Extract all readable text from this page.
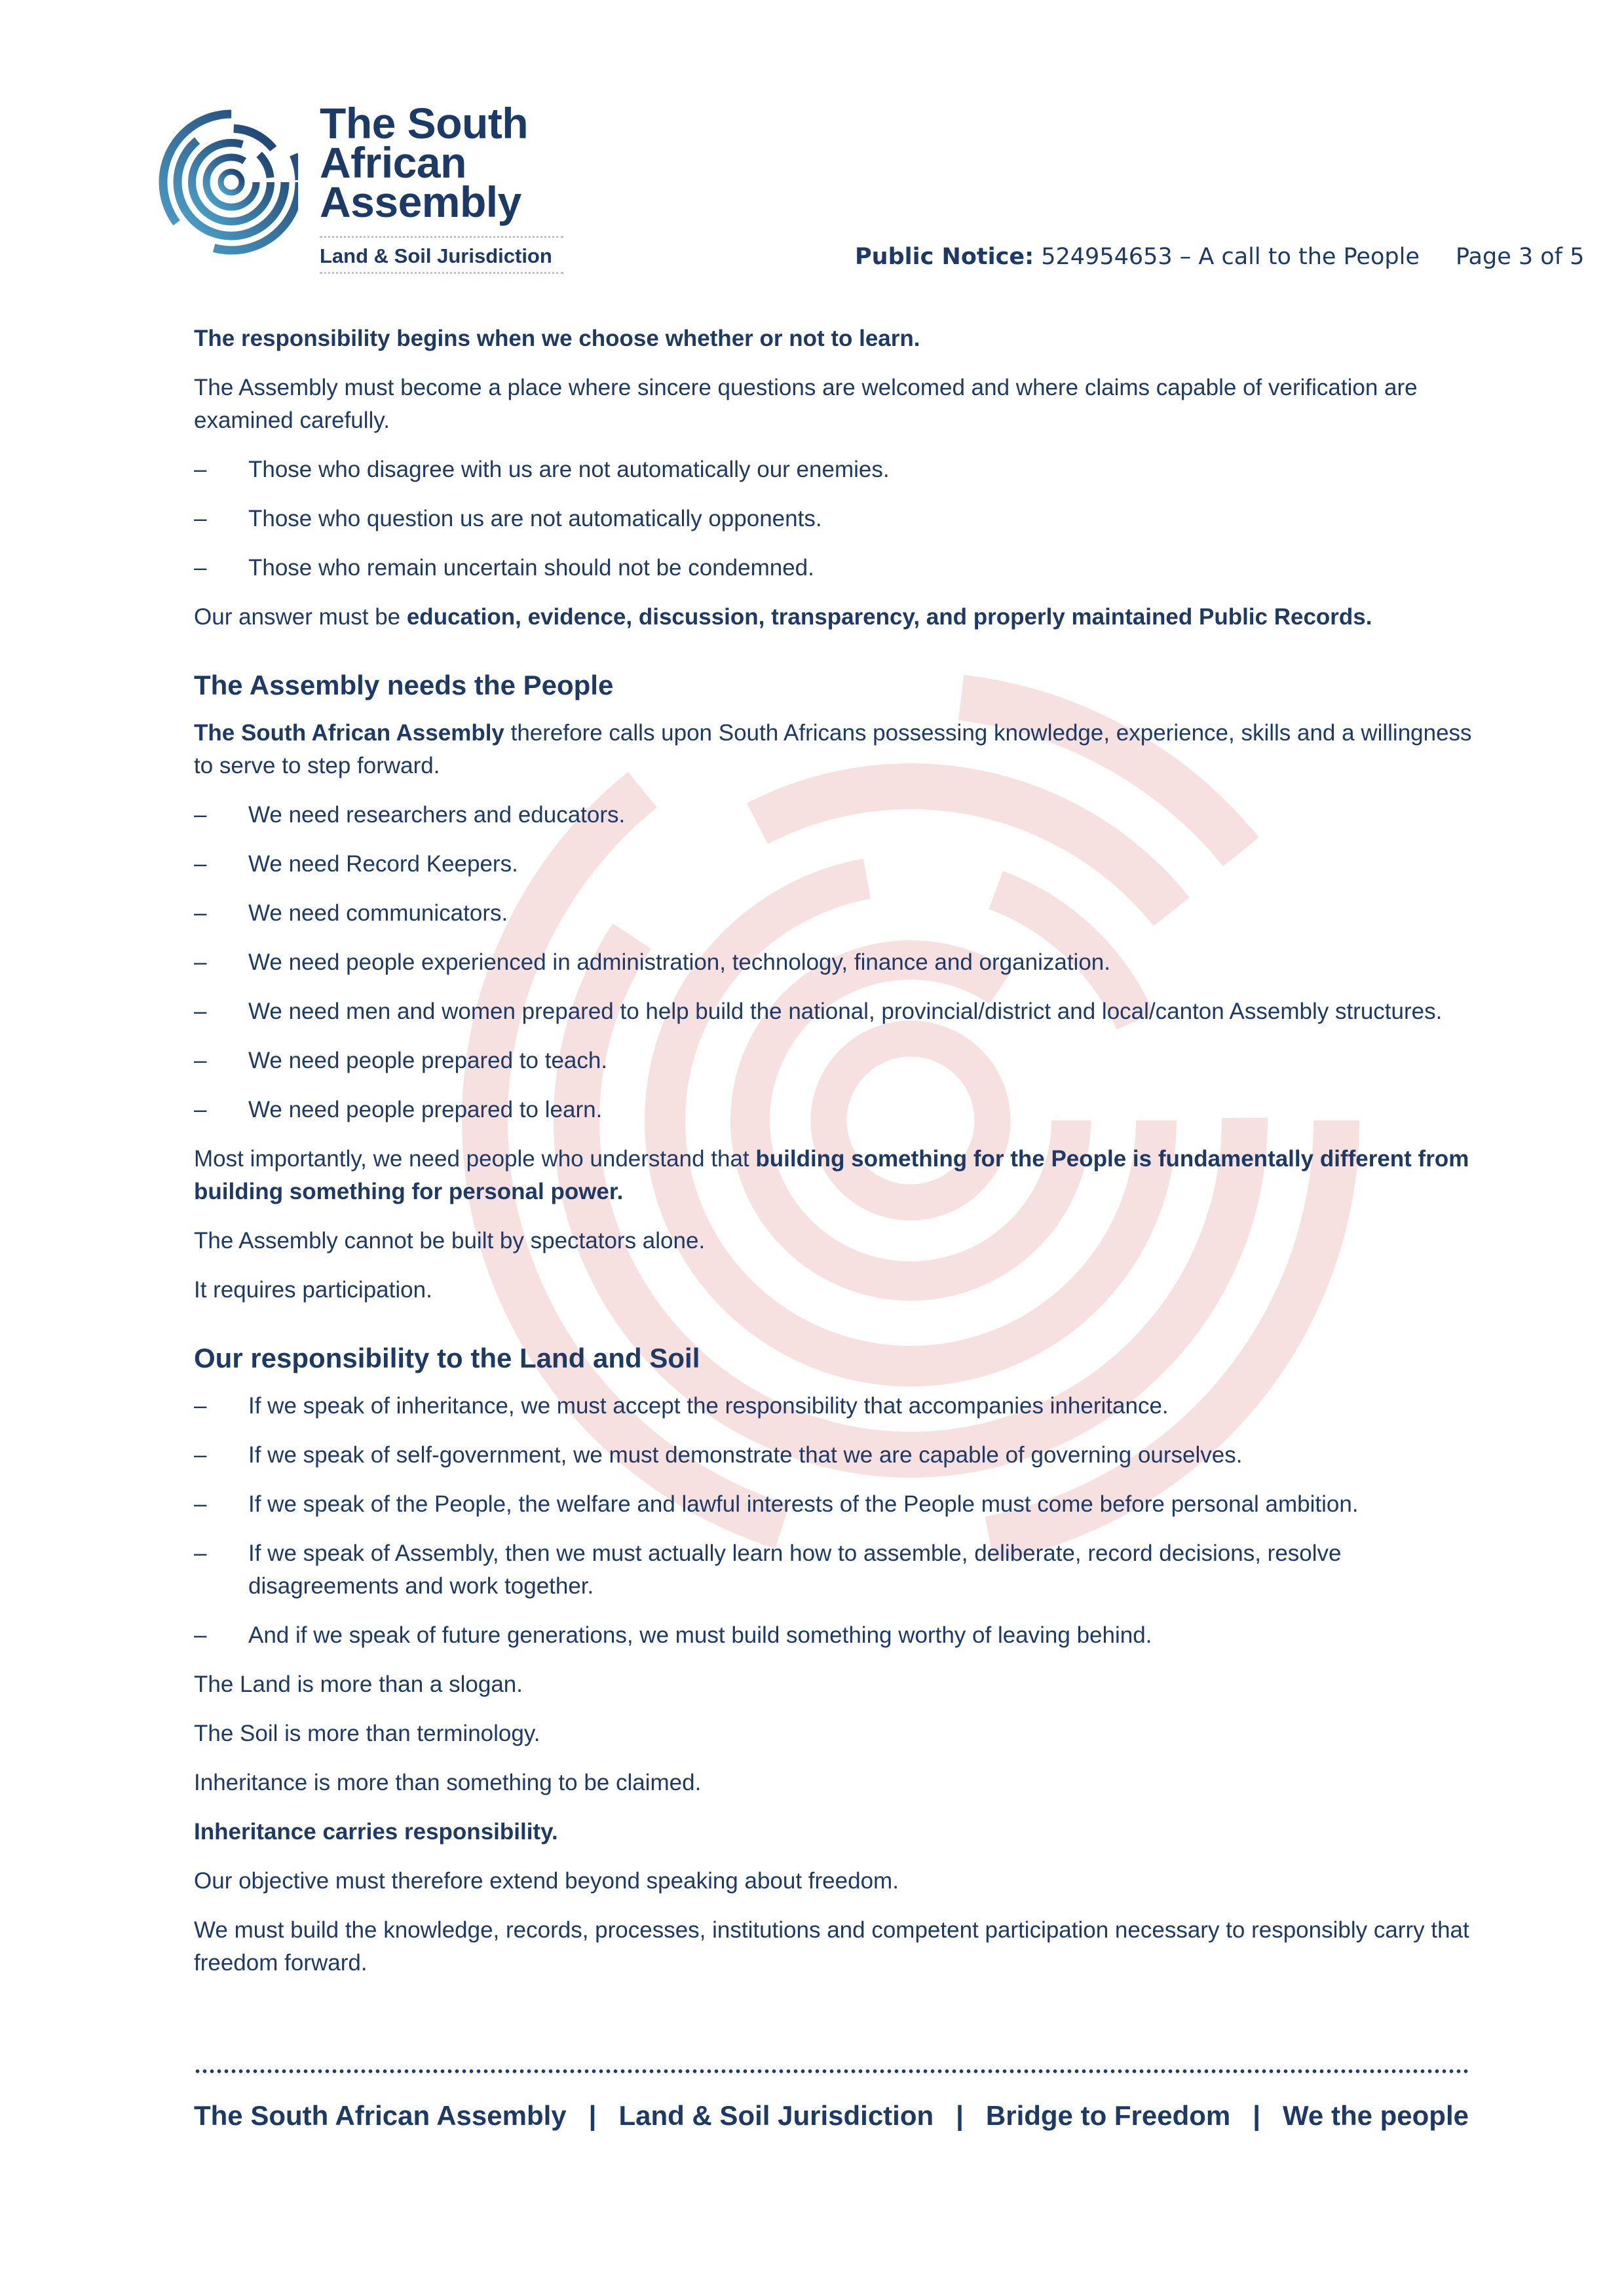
The South
African
Assembly
Land & Soil Jurisdiction	Public Notice: 524954653 – A call to the People Page 3 of 5

The responsibility begins when we choose whether or not to learn.

The Assembly must become a place where sincere questions are welcomed and where claims capable of verification are examined carefully.

– Those who disagree with us are not automatically our enemies.
– Those who question us are not automatically opponents.
– Those who remain uncertain should not be condemned.

Our answer must be education, evidence, discussion, transparency, and properly maintained Public Records.

The Assembly needs the People

The South African Assembly therefore calls upon South Africans possessing knowledge, experience, skills and a willingness to serve to step forward.

– We need researchers and educators.
– We need Record Keepers.
– We need communicators.
– We need people experienced in administration, technology, finance and organization.
– We need men and women prepared to help build the national, provincial/district and local/canton Assembly structures.
– We need people prepared to teach.
– We need people prepared to learn.

Most importantly, we need people who understand that building something for the People is fundamentally different from building something for personal power.

The Assembly cannot be built by spectators alone.

It requires participation.

Our responsibility to the Land and Soil
– If we speak of inheritance, we must accept the responsibility that accompanies inheritance.
– If we speak of self-government, we must demonstrate that we are capable of governing ourselves.
– If we speak of the People, the welfare and lawful interests of the People must come before personal ambition.
– If we speak of Assembly, then we must actually learn how to assemble, deliberate, record decisions, resolve disagreements and work together.
– And if we speak of future generations, we must build something worthy of leaving behind.

The Land is more than a slogan.

The Soil is more than terminology.

Inheritance is more than something to be claimed.

Inheritance carries responsibility.

Our objective must therefore extend beyond speaking about freedom.

We must build the knowledge, records, processes, institutions and competent participation necessary to responsibly carry that freedom forward.

The South African Assembly | Land & Soil Jurisdiction | Bridge to Freedom | We the people
